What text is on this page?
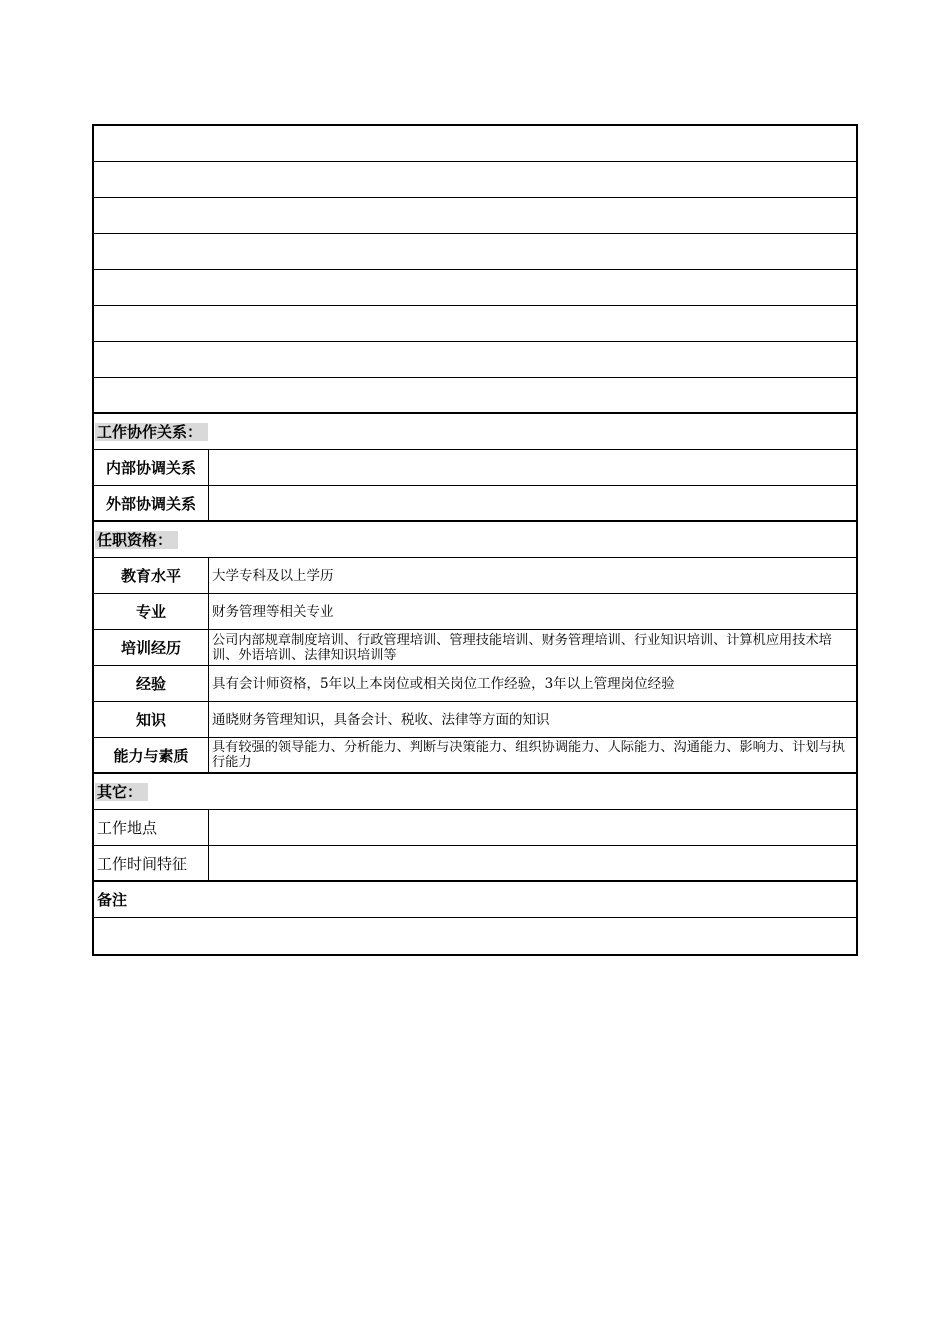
工作协作关系：
内部协调关系
外部协调关系
任职资格：
教育水平	大学专科及以上学历
专业	财务管理等相关专业
培训经历	公司内部规章制度培训、行政管理培训、管理技能培训、财务管理培训、行业知识培训、计算机应用技术培训、外语培训、法律知识培训等
经验	具有会计师资格，5年以上本岗位或相关岗位工作经验，3年以上管理岗位经验
知识	通晓财务管理知识，具备会计、税收、法律等方面的知识
能力与素质	具有较强的领导能力、分析能力、判断与决策能力、组织协调能力、人际能力、沟通能力、影响力、计划与执行能力
其它：
工作地点
工作时间特征
备注
